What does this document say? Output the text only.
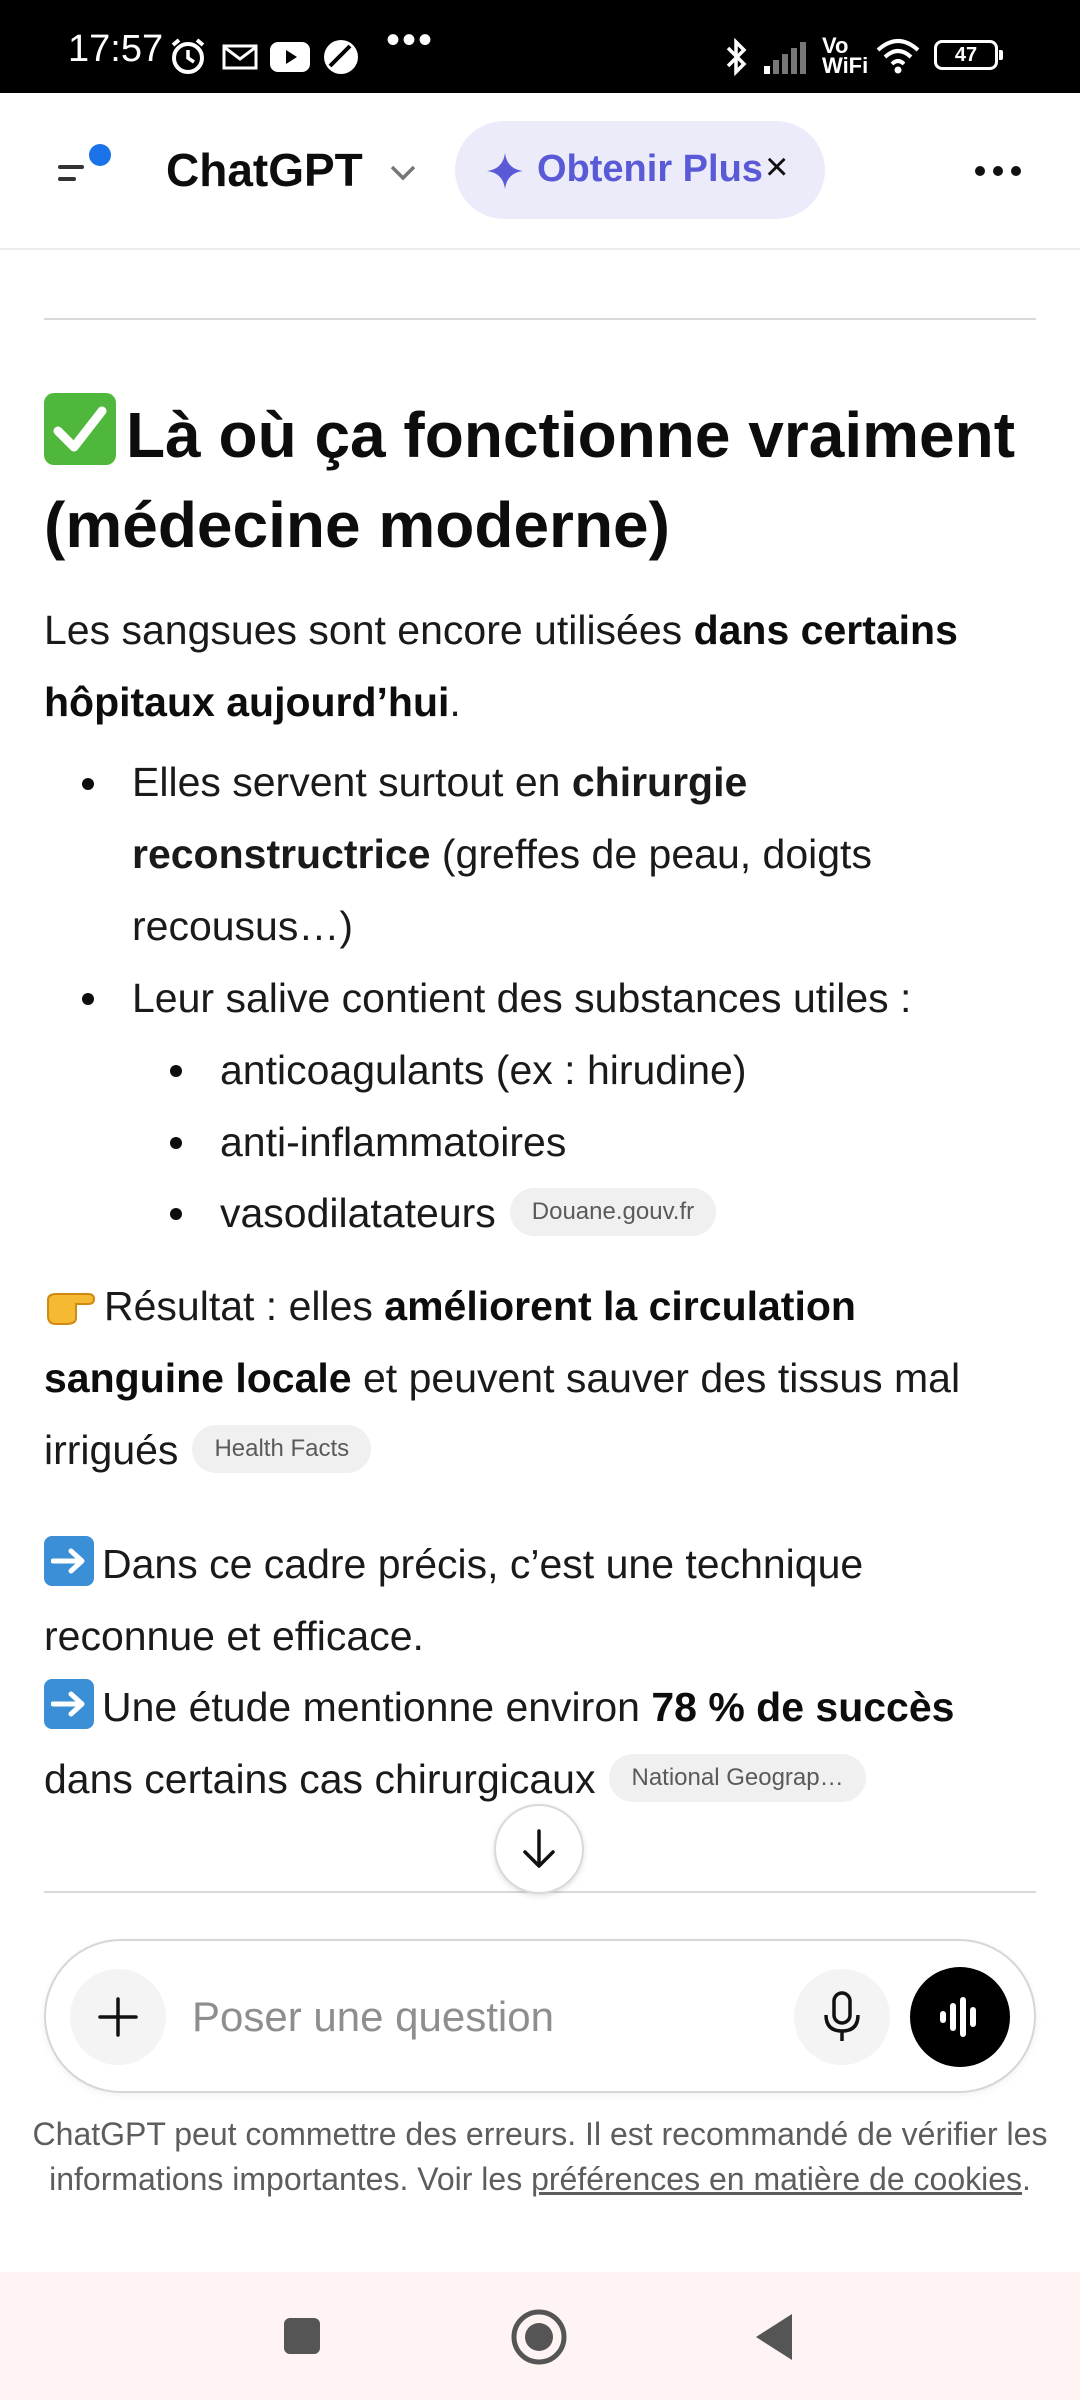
17:57	•••	Vo
WiFi	47
ChatGPT	Obtenir Plus ×
Là où ça fonctionne vraiment (médecine moderne)
Les sangsues sont encore utilisées dans certains hôpitaux aujourd’hui.
Elles servent surtout en chirurgie reconstructrice (greffes de peau, doigts recousus…)
Leur salive contient des substances utiles :
anticoagulants (ex : hirudine)
anti-inflammatoires
vasodilatateurs Douane.gouv.fr
Résultat : elles améliorent la circulation sanguine locale et peuvent sauver des tissus mal irrigués Health Facts
Dans ce cadre précis, c’est une technique reconnue et efficace.
Une étude mentionne environ 78 % de succès dans certains cas chirurgicaux National Geograp…
Poser une question
ChatGPT peut commettre des erreurs. Il est recommandé de vérifier les informations importantes. Voir les préférences en matière de cookies.
